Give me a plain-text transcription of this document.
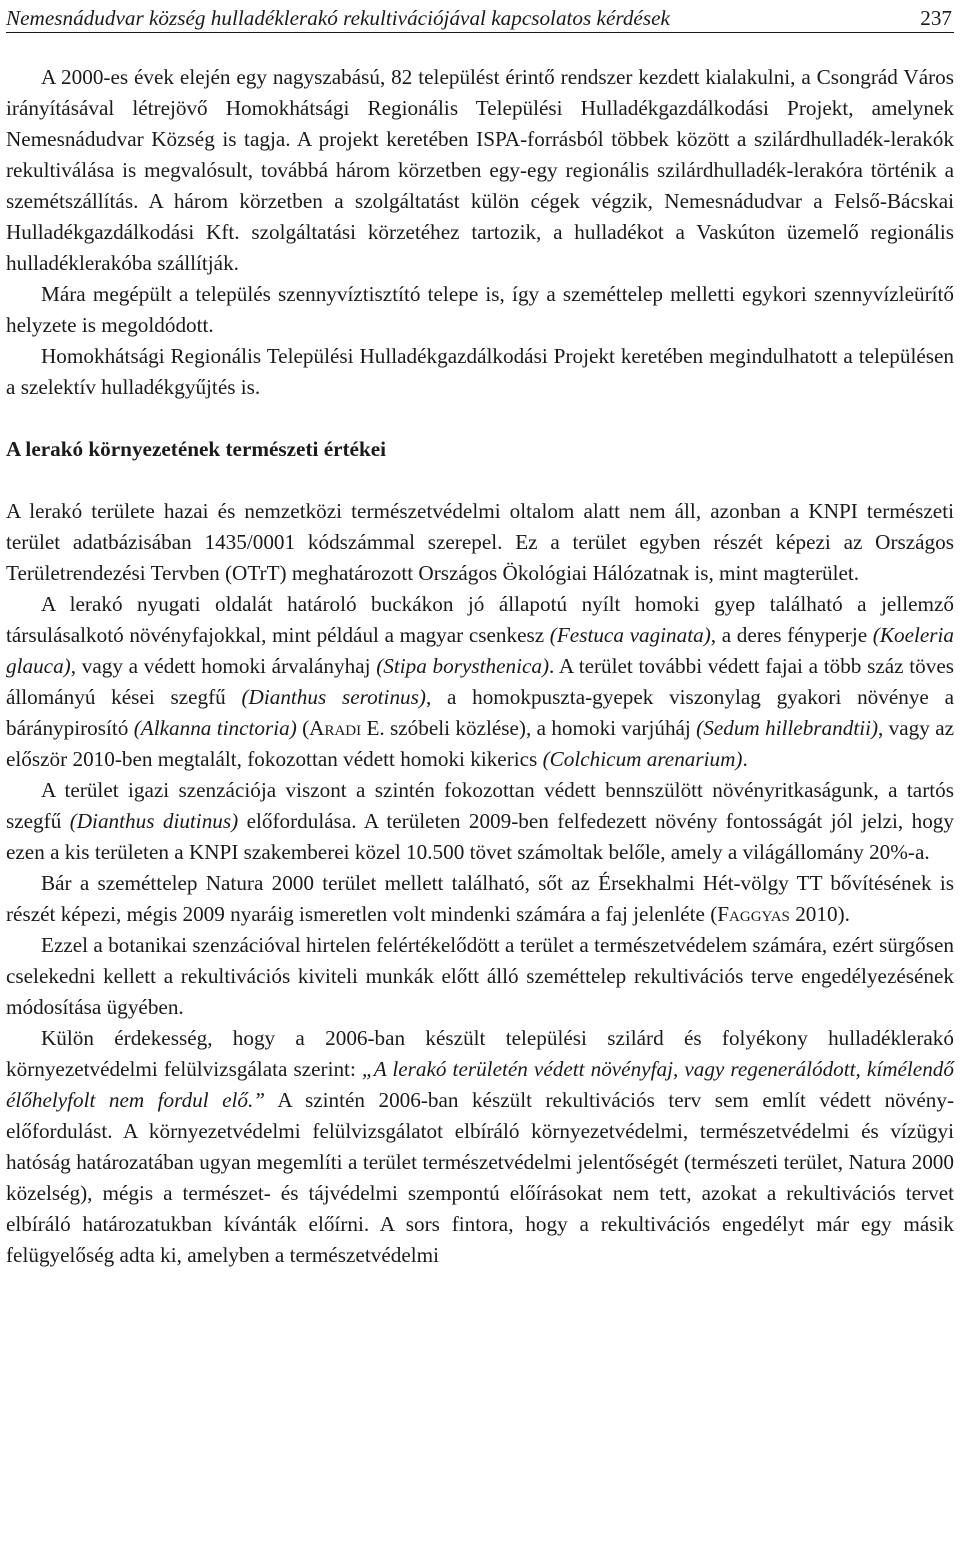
Nemesnádudvar község hulladéklerakó rekultivációjával kapcsolatos kérdések	237

A 2000-es évek elején egy nagyszabású, 82 települést érintő rendszer kezdett kialakulni, a Csongrád Város irányításával létrejövő Homokhátsági Regionális Települési Hulladékgazdálkodási Projekt, amelynek Nemesnádudvar Község is tagja. A projekt keretében ISPA-forrásból többek között a szilárdhulladék-lerakók rekultiválása is megvalósult, továbbá három körzetben egy-egy regionális szilárdhulladék-lerakóra történik a szemétszállítás. A három körzetben a szolgáltatást külön cégek végzik, Nemesnádudvar a Felső-Bácskai Hulladékgazdálkodási Kft. szolgáltatási körzetéhez tartozik, a hulladékot a Vaskúton üzemelő regionális hulladéklerakóba szállítják.

Mára megépült a település szennyvíztisztító telepe is, így a szeméttelep melletti egykori szennyvízleürítő helyzete is megoldódott.

Homokhátsági Regionális Települési Hulladékgazdálkodási Projekt keretében megindulhatott a településen a szelektív hulladékgyűjtés is.

A lerakó környezetének természeti értékei

A lerakó területe hazai és nemzetközi természetvédelmi oltalom alatt nem áll, azonban a KNPI természeti terület adatbázisában 1435/0001 kódszámmal szerepel. Ez a terület egyben részét képezi az Országos Területrendezési Tervben (OTrT) meghatározott Országos Ökológiai Hálózatnak is, mint magterület.

A lerakó nyugati oldalát határoló buckákon jó állapotú nyílt homoki gyep található a jellemző társulásalkotó növényfajokkal, mint például a magyar csenkesz (Festuca vaginata), a deres fényperje (Koeleria glauca), vagy a védett homoki árvalányhaj (Stipa borysthenica). A terület további védett fajai a több száz töves állományú kései szegfű (Dianthus serotinus), a homokpuszta-gyepek viszonylag gyakori növénye a báránypirosító (Alkanna tinctoria) (Aradi E. szóbeli közlése), a homoki varjúháj (Sedum hillebrandtii), vagy az először 2010-ben megtalált, fokozottan védett homoki kikerics (Colchicum arenarium).

A terület igazi szenzációja viszont a szintén fokozottan védett bennszülött növényritkaságunk, a tartós szegfű (Dianthus diutinus) előfordulása. A területen 2009-ben felfedezett növény fontosságát jól jelzi, hogy ezen a kis területen a KNPI szakemberei közel 10.500 tövet számoltak belőle, amely a világállomány 20%-a.

Bár a szeméttelep Natura 2000 terület mellett található, sőt az Érsekhalmi Hét-völgy TT bővítésének is részét képezi, mégis 2009 nyaráig ismeretlen volt mindenki számára a faj jelenléte (Faggyas 2010).

Ezzel a botanikai szenzációval hirtelen felértékelődött a terület a természetvédelem számára, ezért sürgősen cselekedni kellett a rekultivációs kiviteli munkák előtt álló szeméttelep rekultivációs terve engedélyezésének módosítása ügyében.

Külön érdekesség, hogy a 2006-ban készült települési szilárd és folyékony hulladéklerakó környezetvédelmi felülvizsgálata szerint: „A lerakó területén védett növényfaj, vagy regenerálódott, kímélendő élőhelyfolt nem fordul elő.” A szintén 2006-ban készült rekultivációs terv sem említ védett növény-előfordulást. A környezetvédelmi felülvizsgálatot elbíráló környezetvédelmi, természetvédelmi és vízügyi hatóság határozatában ugyan megemlíti a terület természetvédelmi jelentőségét (természeti terület, Natura 2000 közelség), mégis a természet- és tájvédelmi szempontú előírásokat nem tett, azokat a rekultivációs tervet elbíráló határozatukban kívánták előírni. A sors fintora, hogy a rekultivációs engedélyt már egy másik felügyelőség adta ki, amelyben a természetvédelmi
